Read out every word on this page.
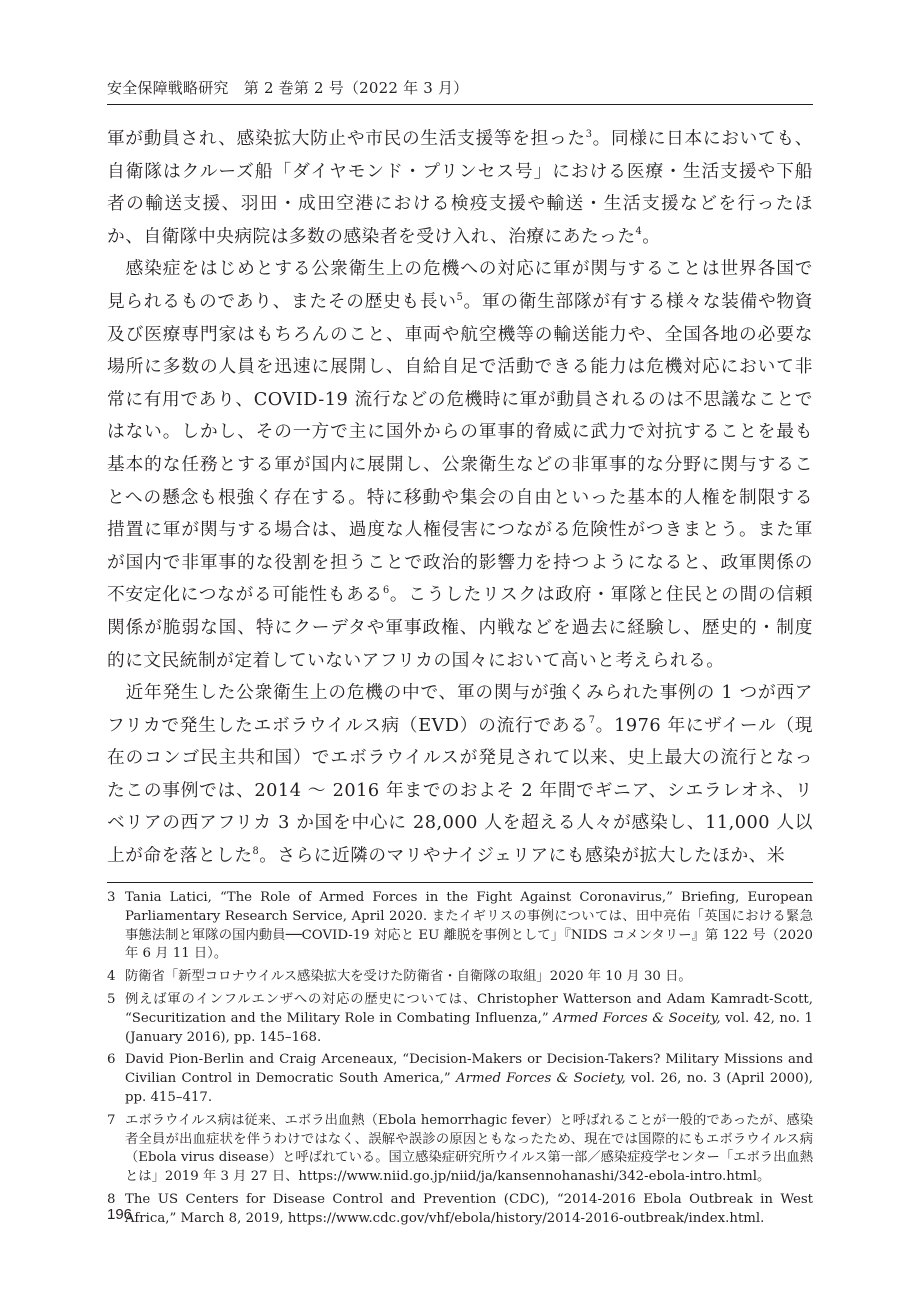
安全保障戦略研究　第 2 巻第 2 号（2022 年 3 月）

軍が動員され、感染拡大防止や市民の生活支援等を担った$^3$。同様に日本においても、自衛隊はクルーズ船「ダイヤモンド・プリンセス号」における医療・生活支援や下船者の輸送支援、羽田・成田空港における検疫支援や輸送・生活支援などを行ったほか、自衛隊中央病院は多数の感染者を受け入れ、治療にあたった$^4$。

感染症をはじめとする公衆衛生上の危機への対応に軍が関与することは世界各国で見られるものであり、またその歴史も長い$^5$。軍の衛生部隊が有する様々な装備や物資及び医療専門家はもちろんのこと、車両や航空機等の輸送能力や、全国各地の必要な場所に多数の人員を迅速に展開し、自給自足で活動できる能力は危機対応において非常に有用であり、COVID-19 流行などの危機時に軍が動員されるのは不思議なことではない。しかし、その一方で主に国外からの軍事的脅威に武力で対抗することを最も基本的な任務とする軍が国内に展開し、公衆衛生などの非軍事的な分野に関与することへの懸念も根強く存在する。特に移動や集会の自由といった基本的人権を制限する措置に軍が関与する場合は、過度な人権侵害につながる危険性がつきまとう。また軍が国内で非軍事的な役割を担うことで政治的影響力を持つようになると、政軍関係の不安定化につながる可能性もある$^6$。こうしたリスクは政府・軍隊と住民との間の信頼関係が脆弱な国、特にクーデタや軍事政権、内戦などを過去に経験し、歴史的・制度的に文民統制が定着していないアフリカの国々において高いと考えられる。

近年発生した公衆衛生上の危機の中で、軍の関与が強くみられた事例の 1 つが西アフリカで発生したエボラウイルス病（EVD）の流行である$^7$。1976 年にザイール（現在のコンゴ民主共和国）でエボラウイルスが発見されて以来、史上最大の流行となったこの事例では、2014 ～ 2016 年までのおよそ 2 年間でギニア、シエラレオネ、リベリアの西アフリカ 3 か国を中心に 28,000 人を超える人々が感染し、11,000 人以上が命を落とした$^8$。さらに近隣のマリやナイジェリアにも感染が拡大したほか、米

3 Tania Latici, “The Role of Armed Forces in the Fight Against Coronavirus,” Briefing, European Parliamentary Research Service, April 2020. またイギリスの事例については、田中亮佑「英国における緊急事態法制と軍隊の国内動員──COVID-19 対応と EU 離脱を事例として」『NIDS コメンタリー』第 122 号（2020 年 6 月 11 日）。
4 防衛省「新型コロナウイルス感染拡大を受けた防衛省・自衛隊の取組」2020 年 10 月 30 日。
5 例えば軍のインフルエンザへの対応の歴史については、Christopher Watterson and Adam Kamradt-Scott, “Securitization and the Military Role in Combating Influenza,” Armed Forces & Soceity, vol. 42, no. 1 (January 2016), pp. 145–168.
6 David Pion-Berlin and Craig Arceneaux, “Decision-Makers or Decision-Takers? Military Missions and Civilian Control in Democratic South America,” Armed Forces & Society, vol. 26, no. 3 (April 2000), pp. 415–417.
7 エボラウイルス病は従来、エボラ出血熱（Ebola hemorrhagic fever）と呼ばれることが一般的であったが、感染者全員が出血症状を伴うわけではなく、誤解や誤診の原因ともなったため、現在では国際的にもエボラウイルス病（Ebola virus disease）と呼ばれている。国立感染症研究所ウイルス第一部／感染症疫学センター「エボラ出血熱とは」2019 年 3 月 27 日、https://www.niid.go.jp/niid/ja/kansennohanashi/342-ebola-intro.html。
8 The US Centers for Disease Control and Prevention (CDC), “2014-2016 Ebola Outbreak in West Africa,” March 8, 2019, https://www.cdc.gov/vhf/ebola/history/2014-2016-outbreak/index.html.
196
